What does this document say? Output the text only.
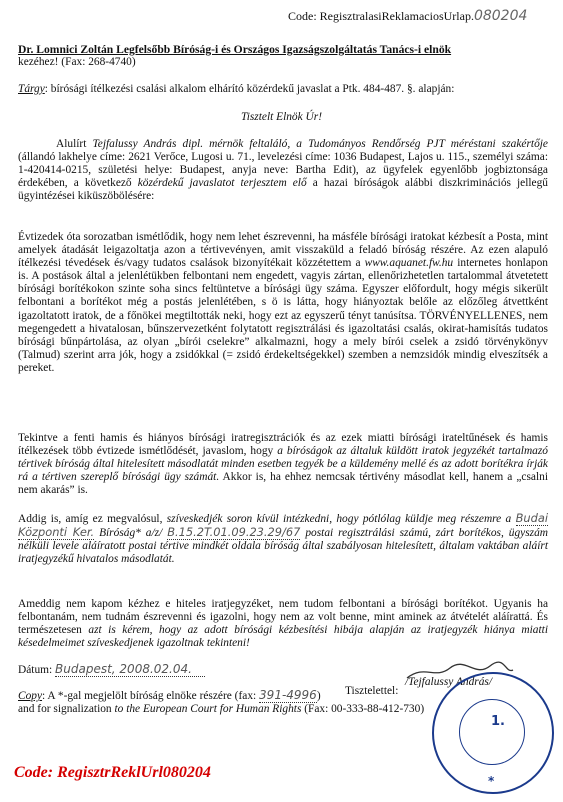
Code: RegisztralasiReklamaciosUrlap.080204
Dr. Lomnici Zoltán Legfelsőbb Bíróság-i és Országos Igazságszolgáltatás Tanács-i elnök
kezéhez! (Fax: 268-4740)
Tárgy: bírósági ítélkezési csalási alkalom elhárító közérdekű javaslat a Ptk. 484-487. §. alapján:
Tisztelt Elnök Úr!
Alulírt Tejfalussy András dipl. mérnök feltaláló, a Tudományos Rendőrség PJT méréstani szakértője (állandó lakhelye címe: 2621 Verőce, Lugosi u. 71., levelezési címe: 1036 Budapest, Lajos u. 115., személyi száma: 1-420414-0215, születési helye: Budapest, anyja neve: Bartha Edit), az ügyfelek egyenlőbb jogbiztonsága érdekében, a következő közérdekű javaslatot terjesztem elő a hazai bíróságok alábbi diszkriminációs jellegű ügyintézései kiküszöbölésére:
Évtizedek óta sorozatban ismétlődik, hogy nem lehet észrevenni, ha másféle bírósági iratokat kézbesít a Posta, mint amelyek átadását leigazoltatja azon a tértivevényen, amit visszaküld a feladó bíróság részére. Az ezen alapuló ítélkezési tévedések és/vagy tudatos csalások bizonyítékait közzétettem a www.aquanet.fw.hu internetes honlapon is. A postások által a jelenlétükben felbontani nem engedett, vagyis zártan, ellenőrizhetetlen tartalommal átvetetett bírósági borítékokon szinte soha sincs feltüntetve a bírósági ügy száma. Egyszer előfordult, hogy mégis sikerült felbontani a borítékot még a postás jelenlétében, s ö is látta, hogy hiányoztak belőle az előzőleg átvettként igazoltatott iratok, de a főnökei megtiltották neki, hogy ezt az egyszerű tényt tanúsítsa. TÖRVÉNYELLENES, nem megengedett a hivatalosan, bűnszervezetként folytatott regisztrálási és igazoltatási csalás, okirat-hamisítás tudatos bírósági bűnpártolása, az olyan „bírói cselekre” alkalmazni, hogy a mely bírói cselek a zsidó törvénykönyv (Talmud) szerint arra jók, hogy a zsidókkal (= zsidó érdekeltségekkel) szemben a nemzsidók mindig elveszítsék a pereket.
Tekintve a fenti hamis és hiányos bírósági iratregisztrációk és az ezek miatti bírósági irateltűnések és hamis ítélkezések több évtizede ismétlődését, javaslom, hogy a bíróságok az általuk küldött iratok jegyzékét tartalmazó tértivek bíróság által hitelesített másodlatát minden esetben tegyék be a küldemény mellé és az adott borítékra írják rá a tértiven szereplő bírósági ügy számát. Akkor is, ha ehhez nemcsak tértivény másodlat kell, hanem a „csalni nem akarás” is.
Addig is, amíg ez megvalósul, szíveskedjék soron kívül intézkedni, hogy pótlólag küldje meg részemre a Budai Központi Ker. Bíróság* a/z/ B.15.2T.01.09.23.29/67 postai regisztrálási számú, zárt borítékos, ügyszám nélküli levele aláíratott postai tértive mindkét oldala bíróság által szabályosan hitelesített, általam vaktában aláírt iratjegyzékű hivatalos másodlatát.
Ameddig nem kapom kézhez e hiteles iratjegyzéket, nem tudom felbontani a bírósági borítékot. Ugyanis ha felbontanám, nem tudnám észrevenni és igazolni, hogy nem az volt benne, mint aminek az átvételét aláírattá. És természetesen azt is kérem, hogy az adott bírósági kézbesítési hibája alapján az iratjegyzék hiánya miatti késedelmeimet szíveskedjenek igazoltnak tekinteni!
Dátum: Budapest, 2008.02.04.
Tisztelettel:
/Tejfalussy András/
Copy: A *-gal megjelölt bíróság elnöke részére (fax: 391-4996)
and for signalization to the European Court for Human Rights (Fax: 00-333-88-412-730)
1.
*
Code: RegisztrReklUrl080204
